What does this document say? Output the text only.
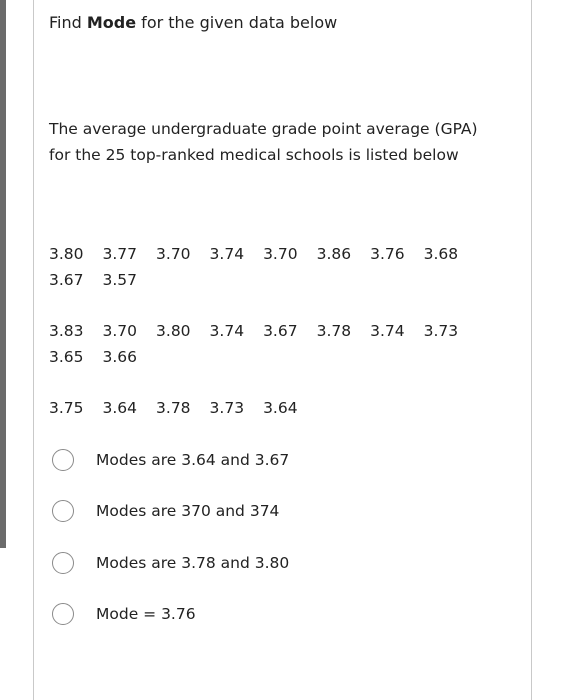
Find Mode for the given data below
The average undergraduate grade point average (GPA)
for the 25 top-ranked medical schools is listed below
3.80 3.77 3.70 3.74 3.70 3.86 3.76 3.68
3.67 3.57
3.83 3.70 3.80 3.74 3.67 3.78 3.74 3.73
3.65 3.66
3.75 3.64 3.78 3.73 3.64
Modes are 3.64 and 3.67
Modes are 370 and 374
Modes are 3.78 and 3.80
Mode = 3.76
